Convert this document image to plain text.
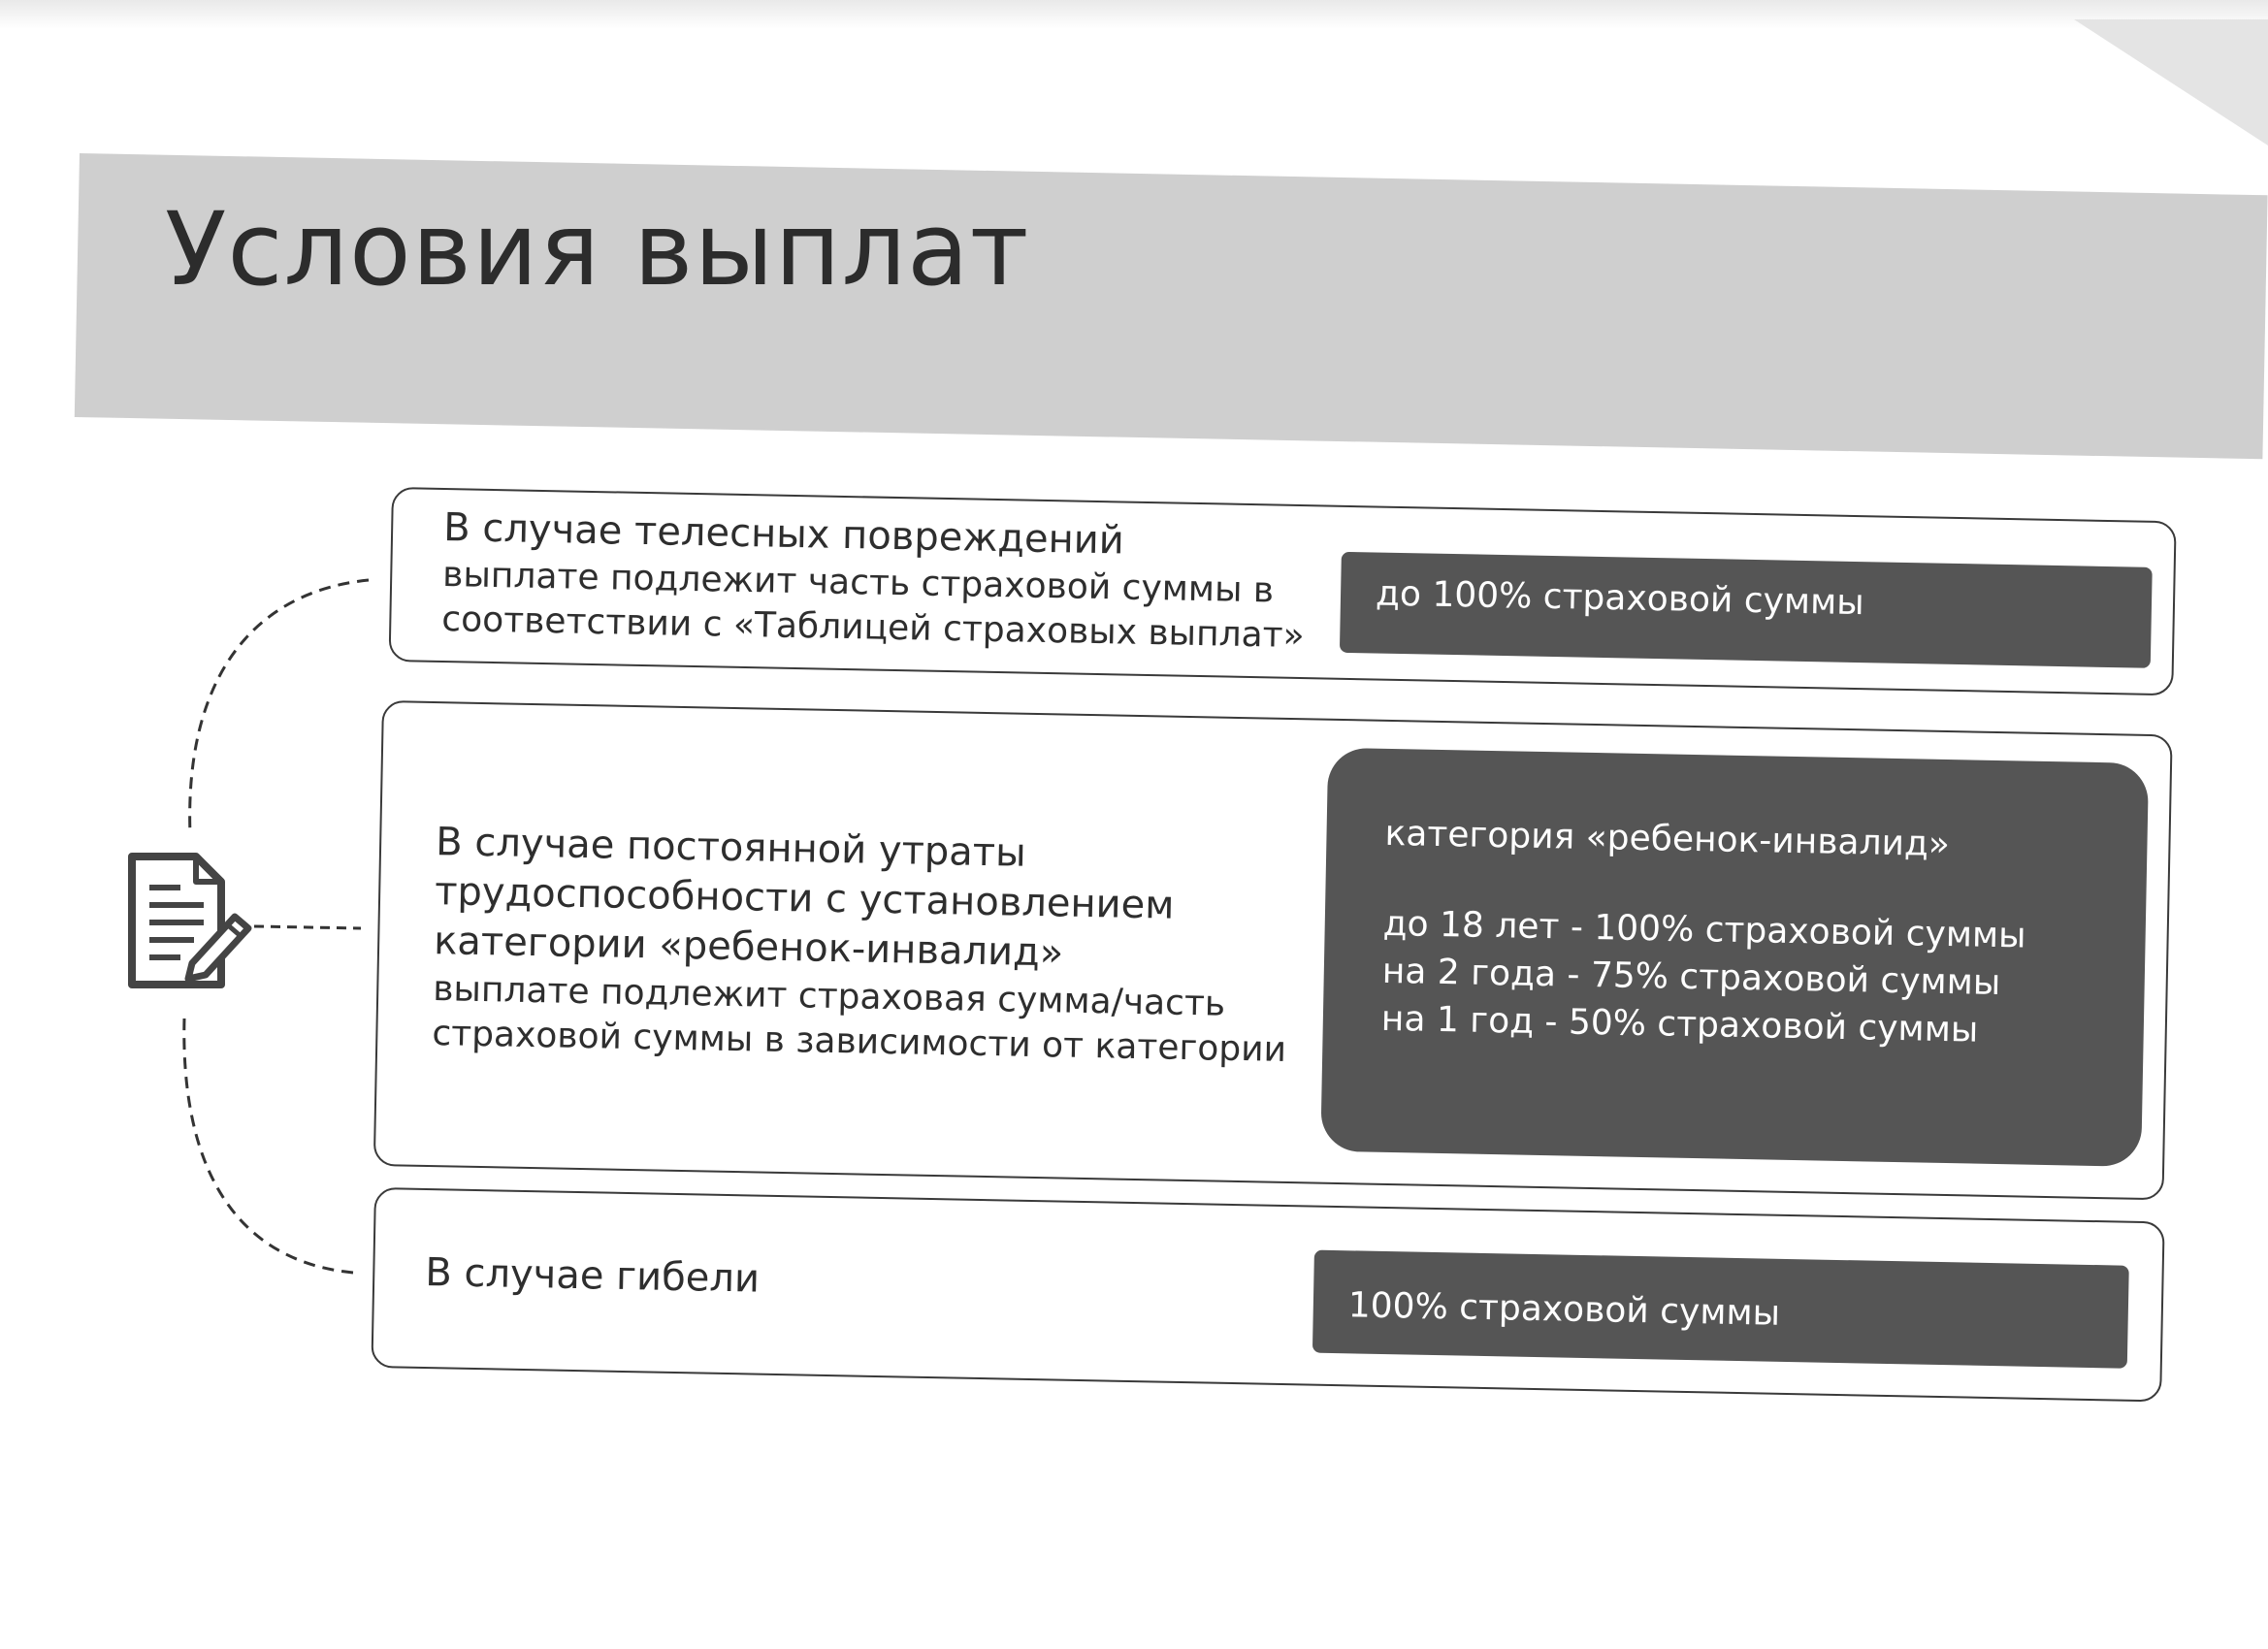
Условия выплат
В случае телесных повреждений
выплате подлежит часть страховой суммы в
соответствии с «Таблицей страховых выплат»
до 100% страховой суммы
В случае постоянной утраты
трудоспособности с установлением
категории «ребенок-инвалид»
выплате подлежит страховая сумма/часть
страховой суммы в зависимости от категории
категория «ребенок-инвалид»
до 18 лет - 100% страховой суммы
на 2 года - 75% страховой суммы
на 1 год - 50% страховой суммы
В случае гибели
100% страховой суммы
